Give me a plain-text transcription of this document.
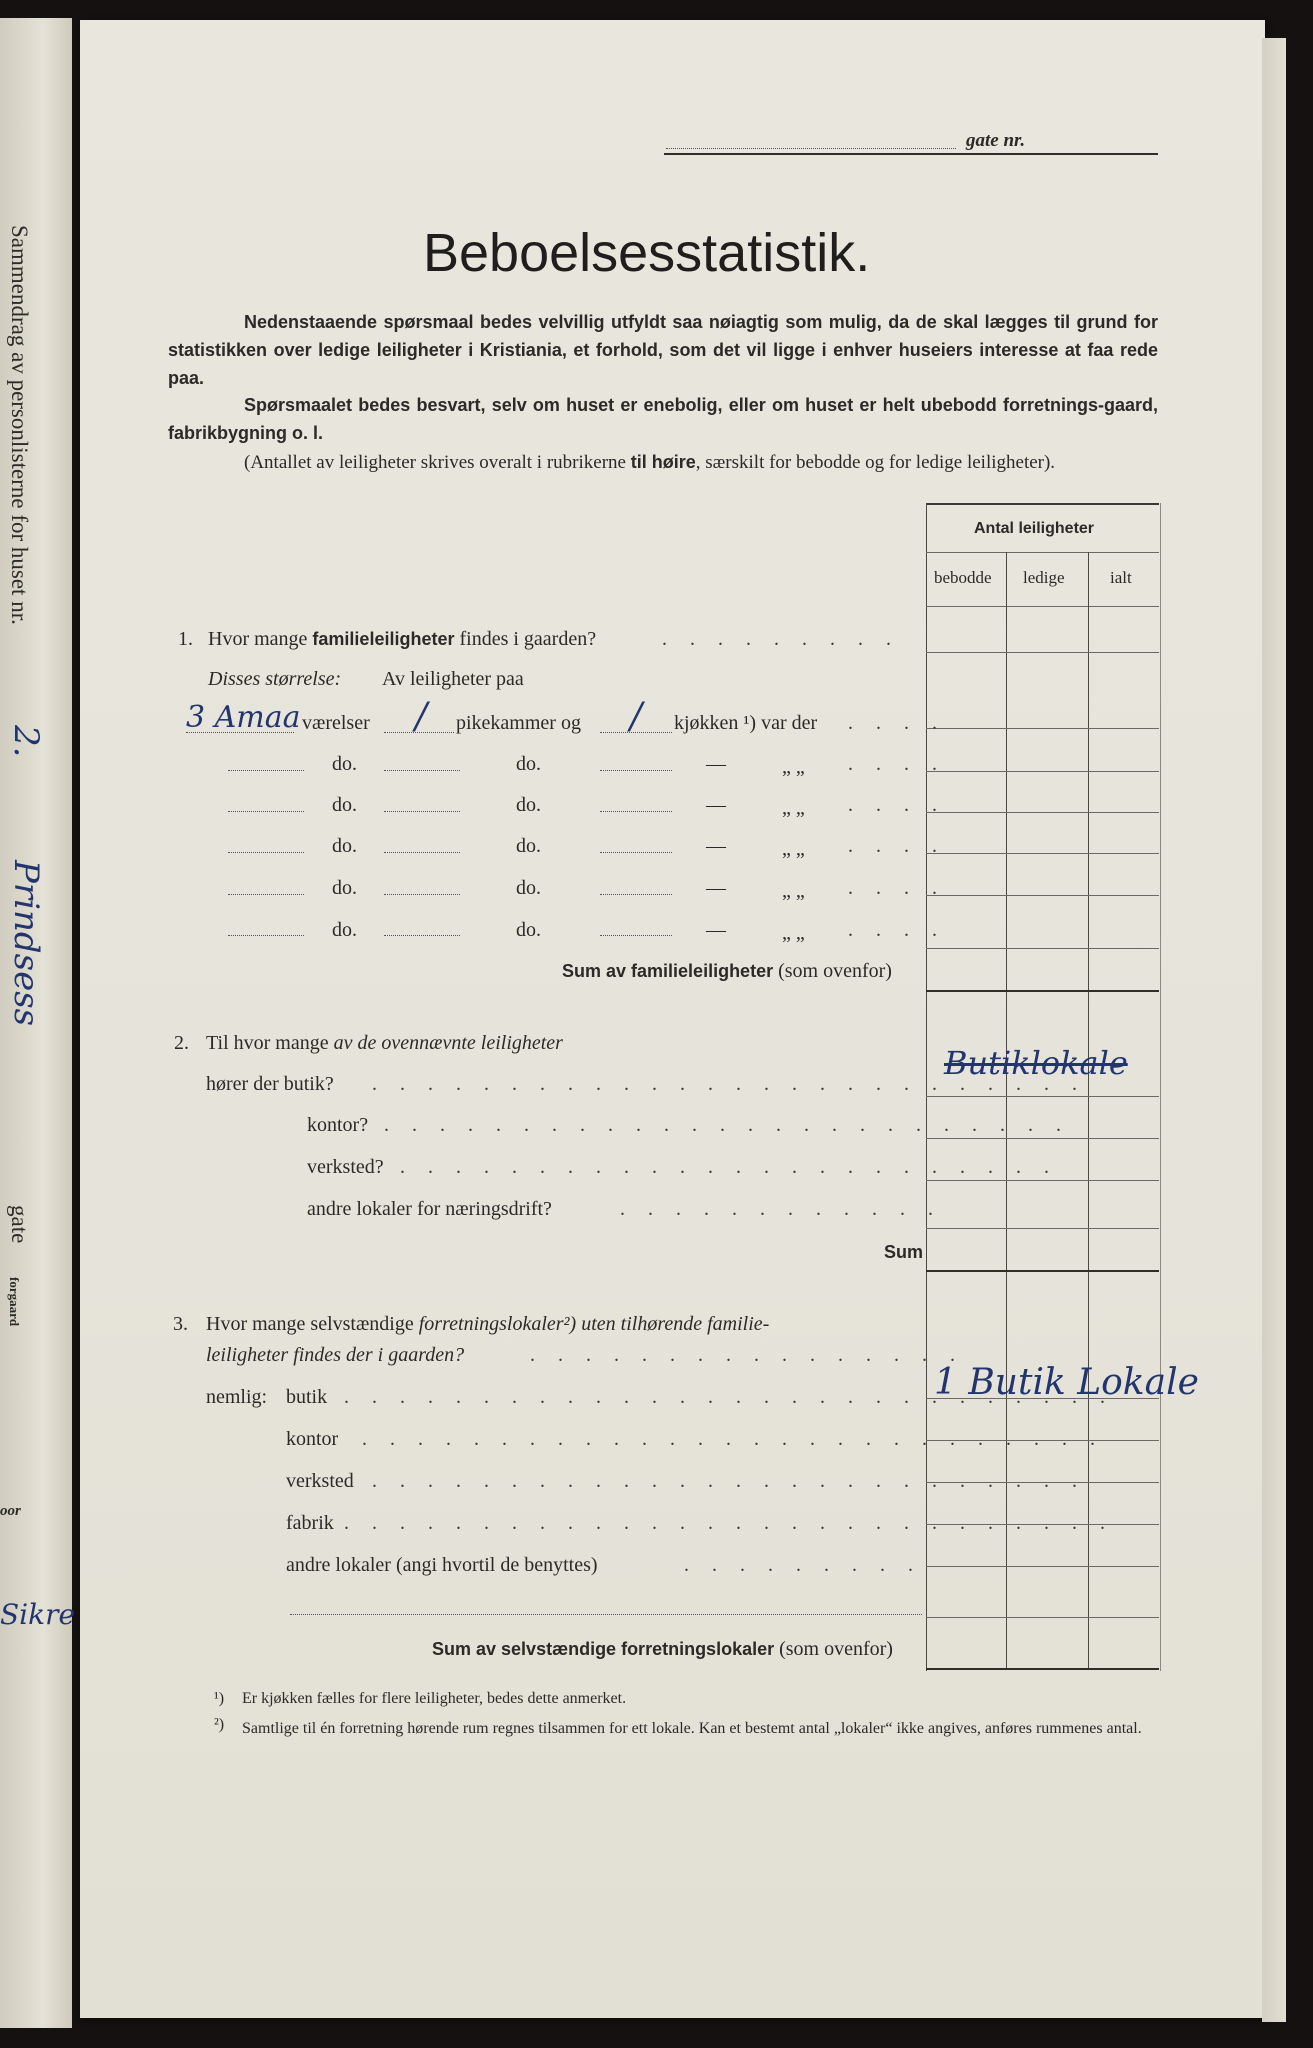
Sammendrag av personlisterne for huset nr.
2.
Prindsess
gate
forgaard
oor
Sikre
gate nr.
Beboelsesstatistik.
Nedenstaaende spørsmaal bedes velvillig utfyldt saa nøiagtig som mulig, da de skal lægges til grund for statistikken over ledige leiligheter i Kristiania, et forhold, som det vil ligge i enhver huseiers interesse at faa rede paa.
Spørsmaalet bedes besvart, selv om huset er enebolig, eller om huset er helt ubebodd forretnings-gaard, fabrikbygning o. l.
(Antallet av leiligheter skrives overalt i rubrikerne til høire, særskilt for bebodde og for ledige leiligheter).
Antal leiligheter
bebodde ledige	ialt
1. Hvor mange familieleiligheter findes i gaarden?	. . . . . . . . .
Disses størrelse: Av leiligheter paa
3 Amaa værelser / pikekammer og / kjøkken ¹) var der . . . .
do.	do.	—	„ „ . . . .
do.	do.	—	„ „ . . . .
do.	do.	—	„ „ . . . .
do.	do.	—	„ „ . . . .
do.	do.	—	„ „ . . . .
Sum av familieleiligheter (som ovenfor)
2. Til hvor mange av de ovennævnte leiligheter
hører der butik? . . . . . . . . . . . . . . . . . . . . . . . . . .
Butiklokale
kontor? . . . . . . . . . . . . . . . . . . . . . . . . .
verksted? . . . . . . . . . . . . . . . . . . . . . . . .
andre lokaler for næringsdrift?	. . . . . . . . . . . .
Sum
3. Hvor mange selvstændige forretningslokaler²) uten tilhørende familie-
leiligheter findes der i gaarden?	. . . . . . . . . . . . . . . .
nemlig: butik . . . . . . . . . . . . . . . . . . . . . . . . . . . .
1 Butik Lokale
kontor . . . . . . . . . . . . . . . . . . . . . . . . . . .
verksted . . . . . . . . . . . . . . . . . . . . . . . . . .
fabrik . . . . . . . . . . . . . . . . . . . . . . . . . . . .
andre lokaler (angi hvortil de benyttes)	. . . . . . . . .
Sum av selvstændige forretningslokaler (som ovenfor)
¹) Er kjøkken fælles for flere leiligheter, bedes dette anmerket.
²) Samtlige til én forretning hørende rum regnes tilsammen for ett lokale. Kan et bestemt antal „lokaler“ ikke angives, anføres rummenes antal.
